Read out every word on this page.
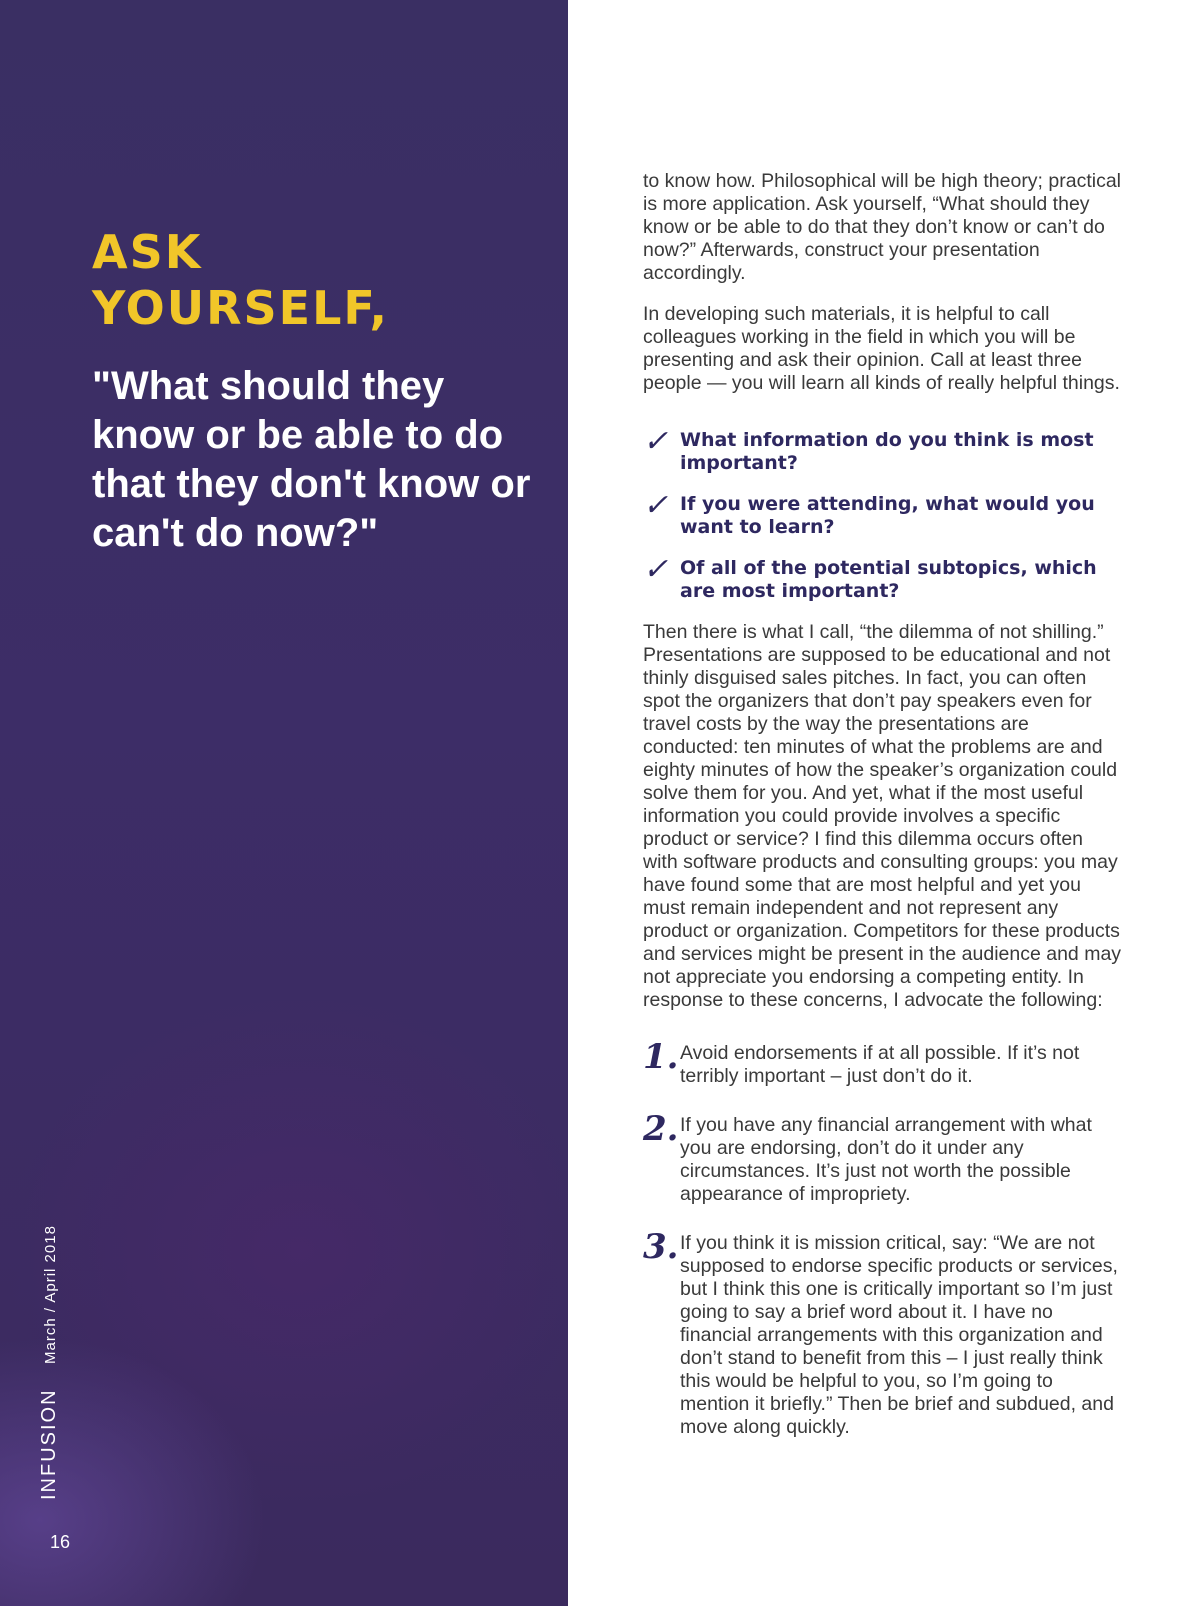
ASK
YOURSELF,
"What should they know or be able to do that they don't know or can't do now?"
INFUSION March / April 2018
16

to know how. Philosophical will be high theory; practical is more application. Ask yourself, “What should they know or be able to do that they don’t know or can’t do now?” Afterwards, construct your presentation accordingly.

In developing such materials, it is helpful to call colleagues working in the field in which you will be presenting and ask their opinion. Call at least three people — you will learn all kinds of really helpful things.

✓ What information do you think is most important?
✓ If you were attending, what would you want to learn?
✓ Of all of the potential subtopics, which are most important?

Then there is what I call, “the dilemma of not shilling.” Presentations are supposed to be educational and not thinly disguised sales pitches. In fact, you can often spot the organizers that don’t pay speakers even for travel costs by the way the presentations are conducted: ten minutes of what the problems are and eighty minutes of how the speaker’s organization could solve them for you. And yet, what if the most useful information you could provide involves a specific product or service? I find this dilemma occurs often with software products and consulting groups: you may have found some that are most helpful and yet you must remain independent and not represent any product or organization. Competitors for these products and services might be present in the audience and may not appreciate you endorsing a competing entity. In response to these concerns, I advocate the following:

1. Avoid endorsements if at all possible. If it’s not terribly important – just don’t do it.
2. If you have any financial arrangement with what you are endorsing, don’t do it under any circumstances. It’s just not worth the possible appearance of impropriety.
3. If you think it is mission critical, say: “We are not supposed to endorse specific products or services, but I think this one is critically important so I’m just going to say a brief word about it. I have no financial arrangements with this organization and don’t stand to benefit from this – I just really think this would be helpful to you, so I’m going to mention it briefly.” Then be brief and subdued, and move along quickly.
